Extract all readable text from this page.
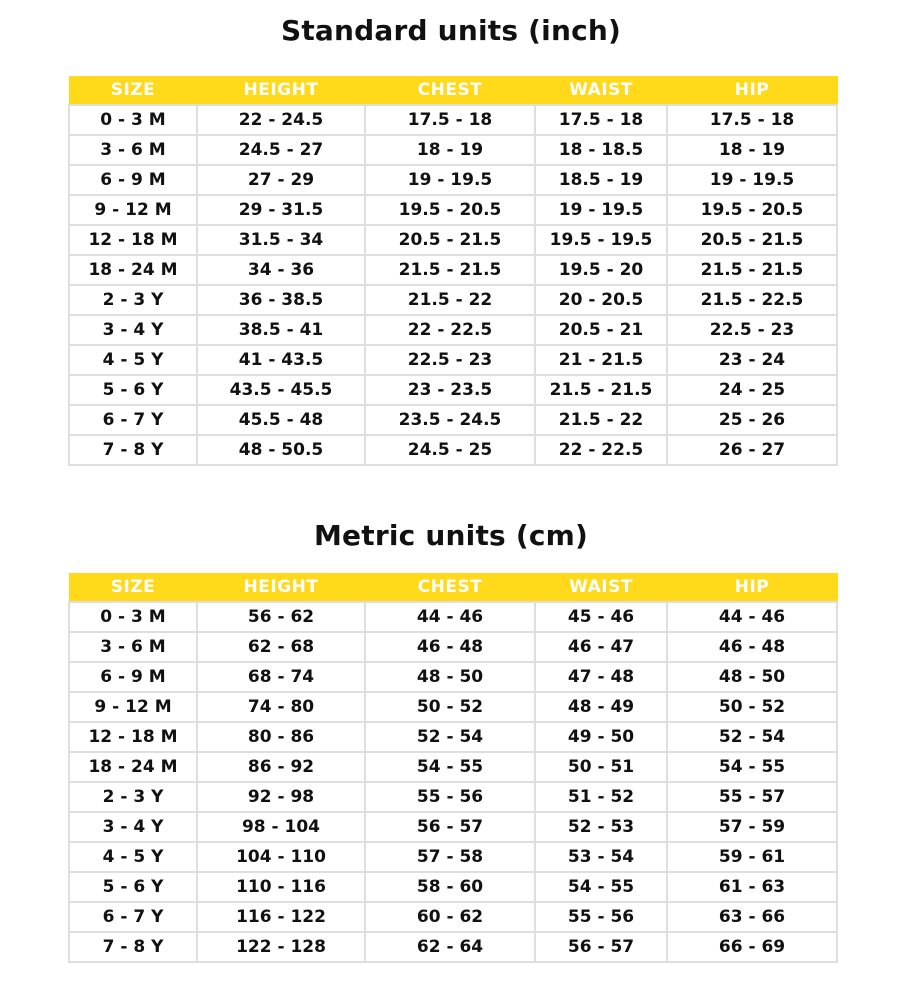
Standard units (inch)
SIZE	HEIGHT	CHEST	WAIST	HIP
0 - 3 M	22 - 24.5	17.5 - 18	17.5 - 18	17.5 - 18
3 - 6 M	24.5 - 27	18 - 19	18 - 18.5	18 - 19
6 - 9 M	27 - 29	19 - 19.5	18.5 - 19	19 - 19.5
9 - 12 M	29 - 31.5	19.5 - 20.5	19 - 19.5	19.5 - 20.5
12 - 18 M	31.5 - 34	20.5 - 21.5	19.5 - 19.5	20.5 - 21.5
18 - 24 M	34 - 36	21.5 - 21.5	19.5 - 20	21.5 - 21.5
2 - 3 Y	36 - 38.5	21.5 - 22	20 - 20.5	21.5 - 22.5
3 - 4 Y	38.5 - 41	22 - 22.5	20.5 - 21	22.5 - 23
4 - 5 Y	41 - 43.5	22.5 - 23	21 - 21.5	23 - 24
5 - 6 Y	43.5 - 45.5	23 - 23.5	21.5 - 21.5	24 - 25
6 - 7 Y	45.5 - 48	23.5 - 24.5	21.5 - 22	25 - 26
7 - 8 Y	48 - 50.5	24.5 - 25	22 - 22.5	26 - 27
Metric units (cm)
SIZE	HEIGHT	CHEST	WAIST	HIP
0 - 3 M	56 - 62	44 - 46	45 - 46	44 - 46
3 - 6 M	62 - 68	46 - 48	46 - 47	46 - 48
6 - 9 M	68 - 74	48 - 50	47 - 48	48 - 50
9 - 12 M	74 - 80	50 - 52	48 - 49	50 - 52
12 - 18 M	80 - 86	52 - 54	49 - 50	52 - 54
18 - 24 M	86 - 92	54 - 55	50 - 51	54 - 55
2 - 3 Y	92 - 98	55 - 56	51 - 52	55 - 57
3 - 4 Y	98 - 104	56 - 57	52 - 53	57 - 59
4 - 5 Y	104 - 110	57 - 58	53 - 54	59 - 61
5 - 6 Y	110 - 116	58 - 60	54 - 55	61 - 63
6 - 7 Y	116 - 122	60 - 62	55 - 56	63 - 66
7 - 8 Y	122 - 128	62 - 64	56 - 57	66 - 69
